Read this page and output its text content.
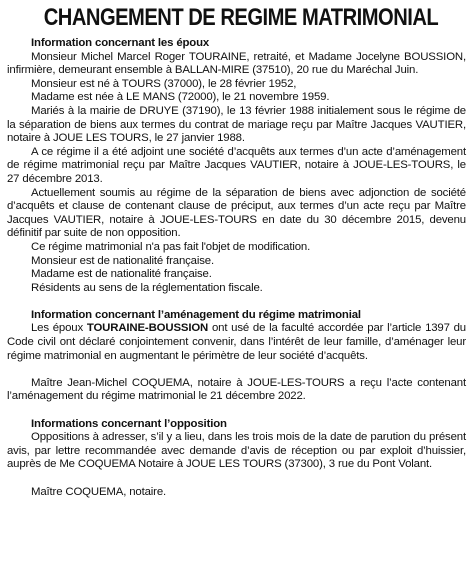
CHANGEMENT DE REGIME MATRIMONIAL

Information concernant les époux

Monsieur Michel Marcel Roger TOURAINE, retraité, et Madame Jocelyne BOUSSION, infirmière, demeurant ensemble à BALLAN-MIRE (37510), 20 rue du Maréchal Juin.

Monsieur est né à TOURS (37000), le 28 février 1952,

Madame est née à LE MANS (72000), le 21 novembre 1959.

Mariés à la mairie de DRUYE (37190), le 13 février 1988 initialement sous le régime de la séparation de biens aux termes du contrat de mariage reçu par Maître Jacques VAUTIER, notaire à JOUE LES TOURS, le 27 janvier 1988.

A ce régime il a été adjoint une société d’acquêts aux termes d’un acte d’aménagement de régime matrimonial reçu par Maître Jacques VAUTIER, notaire à JOUE-LES-TOURS, le 27 décembre 2013.

Actuellement soumis au régime de la séparation de biens avec adjonction de société d’acquêts et clause de contenant clause de préciput, aux termes d’un acte reçu par Maître Jacques VAUTIER, notaire à JOUE-LES-TOURS en date du 30 décembre 2015, devenu définitif par suite de non opposition.

Ce régime matrimonial n'a pas fait l'objet de modification.

Monsieur est de nationalité française.

Madame est de nationalité française.

Résidents au sens de la réglementation fiscale.

Information concernant l’aménagement du régime matrimonial

Les époux TOURAINE-BOUSSION ont usé de la faculté accordée par l’article 1397 du Code civil ont déclaré conjointement convenir, dans l’intérêt de leur famille, d’aménager leur régime matrimonial en augmentant le périmètre de leur société d’acquêts.

Maître Jean-Michel COQUEMA, notaire à JOUE-LES-TOURS a reçu l’acte contenant l’aménagement du régime matrimonial le 21 décembre 2022.

Informations concernant l’opposition

Oppositions à adresser, s’il y a lieu, dans les trois mois de la date de parution du présent avis, par lettre recommandée avec demande d’avis de réception ou par exploit d’huissier, auprès de Me COQUEMA Notaire à JOUE LES TOURS (37300), 3 rue du Pont Volant.

Maître COQUEMA, notaire.
